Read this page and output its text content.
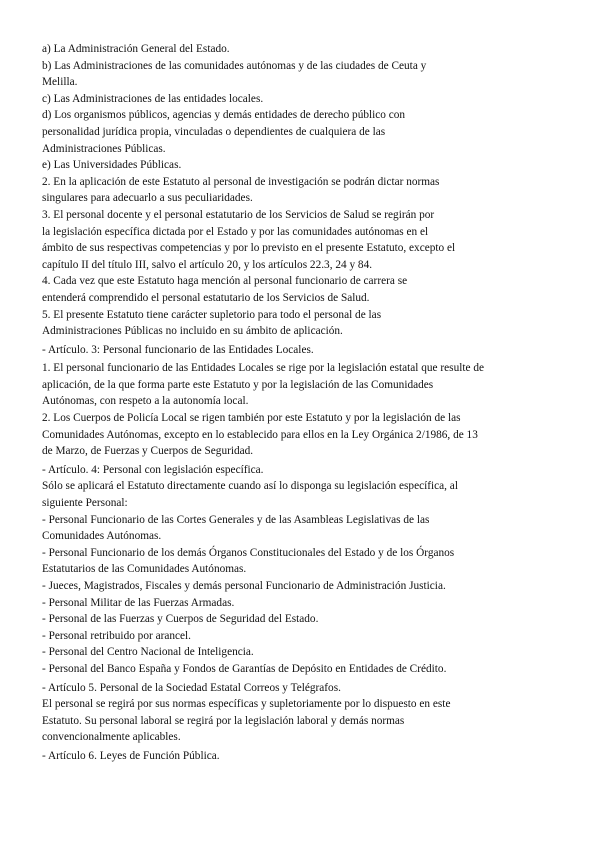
a) La Administración General del Estado.
b) Las Administraciones de las comunidades autónomas y de las ciudades de Ceuta y
Melilla.
c) Las Administraciones de las entidades locales.
d) Los organismos públicos, agencias y demás entidades de derecho público con
personalidad jurídica propia, vinculadas o dependientes de cualquiera de las
Administraciones Públicas.
e) Las Universidades Públicas.
2. En la aplicación de este Estatuto al personal de investigación se podrán dictar normas
singulares para adecuarlo a sus peculiaridades.
3. El personal docente y el personal estatutario de los Servicios de Salud se regirán por
la legislación específica dictada por el Estado y por las comunidades autónomas en el
ámbito de sus respectivas competencias y por lo previsto en el presente Estatuto, excepto el
capítulo II del título III, salvo el artículo 20, y los artículos 22.3, 24 y 84.
4. Cada vez que este Estatuto haga mención al personal funcionario de carrera se
entenderá comprendido el personal estatutario de los Servicios de Salud.
5. El presente Estatuto tiene carácter supletorio para todo el personal de las
Administraciones Públicas no incluido en su ámbito de aplicación.
- Artículo. 3: Personal funcionario de las Entidades Locales.
1. El personal funcionario de las Entidades Locales se rige por la legislación estatal que resulte de
aplicación, de la que forma parte este Estatuto y por la legislación de las Comunidades
Autónomas, con respeto a la autonomía local.
2. Los Cuerpos de Policía Local se rigen también por este Estatuto y por la legislación de las
Comunidades Autónomas, excepto en lo establecido para ellos en la Ley Orgánica 2/1986, de 13
de Marzo, de Fuerzas y Cuerpos de Seguridad.
- Artículo. 4: Personal con legislación específica.
Sólo se aplicará el Estatuto directamente cuando así lo disponga su legislación específica, al
siguiente Personal:
- Personal Funcionario de las Cortes Generales y de las Asambleas Legislativas de las
Comunidades Autónomas.
- Personal Funcionario de los demás Órganos Constitucionales del Estado y de los Órganos
Estatutarios de las Comunidades Autónomas.
- Jueces, Magistrados, Fiscales y demás personal Funcionario de Administración Justicia.
- Personal Militar de las Fuerzas Armadas.
- Personal de las Fuerzas y Cuerpos de Seguridad del Estado.
- Personal retribuido por arancel.
- Personal del Centro Nacional de Inteligencia.
- Personal del Banco España y Fondos de Garantías de Depósito en Entidades de Crédito.
- Artículo 5. Personal de la Sociedad Estatal Correos y Telégrafos.
El personal se regirá por sus normas específicas y supletoriamente por lo dispuesto en este
Estatuto. Su personal laboral se regirá por la legislación laboral y demás normas
convencionalmente aplicables.
- Artículo 6. Leyes de Función Pública.
